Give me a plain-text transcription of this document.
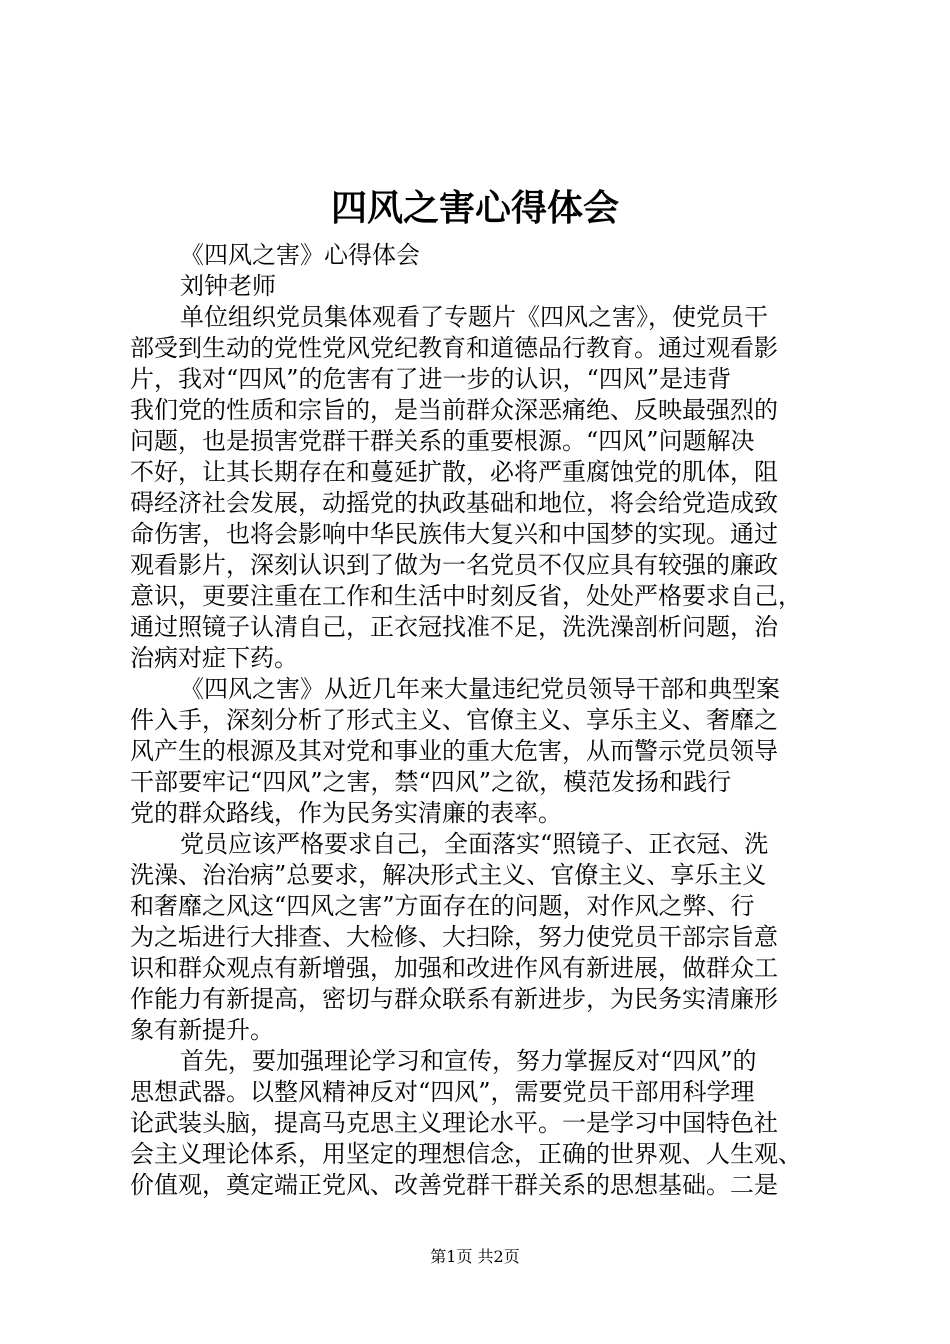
四风之害心得体会

《四风之害》心得体会

刘钟老师

单位组织党员集体观看了专题片《四风之害》，使党员干

部受到生动的党性党风党纪教育和道德品行教育。通过观看影

片，我对“四风”的危害有了进一步的认识，“四风”是违背

我们党的性质和宗旨的，是当前群众深恶痛绝、反映最强烈的

问题，也是损害党群干群关系的重要根源。“四风”问题解决

不好，让其长期存在和蔓延扩散，必将严重腐蚀党的肌体，阻

碍经济社会发展，动摇党的执政基础和地位，将会给党造成致

命伤害，也将会影响中华民族伟大复兴和中国梦的实现。通过

观看影片，深刻认识到了做为一名党员不仅应具有较强的廉政

意识，更要注重在工作和生活中时刻反省，处处严格要求自己，

通过照镜子认清自己，正衣冠找准不足，洗洗澡剖析问题，治

治病对症下药。

《四风之害》从近几年来大量违纪党员领导干部和典型案

件入手，深刻分析了形式主义、官僚主义、享乐主义、奢靡之

风产生的根源及其对党和事业的重大危害，从而警示党员领导

干部要牢记“四风”之害，禁“四风”之欲，模范发扬和践行

党的群众路线，作为民务实清廉的表率。

党员应该严格要求自己，全面落实“照镜子、正衣冠、洗

洗澡、治治病”总要求，解决形式主义、官僚主义、享乐主义

和奢靡之风这“四风之害”方面存在的问题，对作风之弊、行

为之垢进行大排查、大检修、大扫除，努力使党员干部宗旨意

识和群众观点有新增强，加强和改进作风有新进展，做群众工

作能力有新提高，密切与群众联系有新进步，为民务实清廉形

象有新提升。

首先，要加强理论学习和宣传，努力掌握反对“四风”的

思想武器。以整风精神反对“四风”，需要党员干部用科学理

论武装头脑，提高马克思主义理论水平。一是学习中国特色社

会主义理论体系，用坚定的理想信念，正确的世界观、人生观、

价值观，奠定端正党风、改善党群干群关系的思想基础。二是

第1页 共2页
